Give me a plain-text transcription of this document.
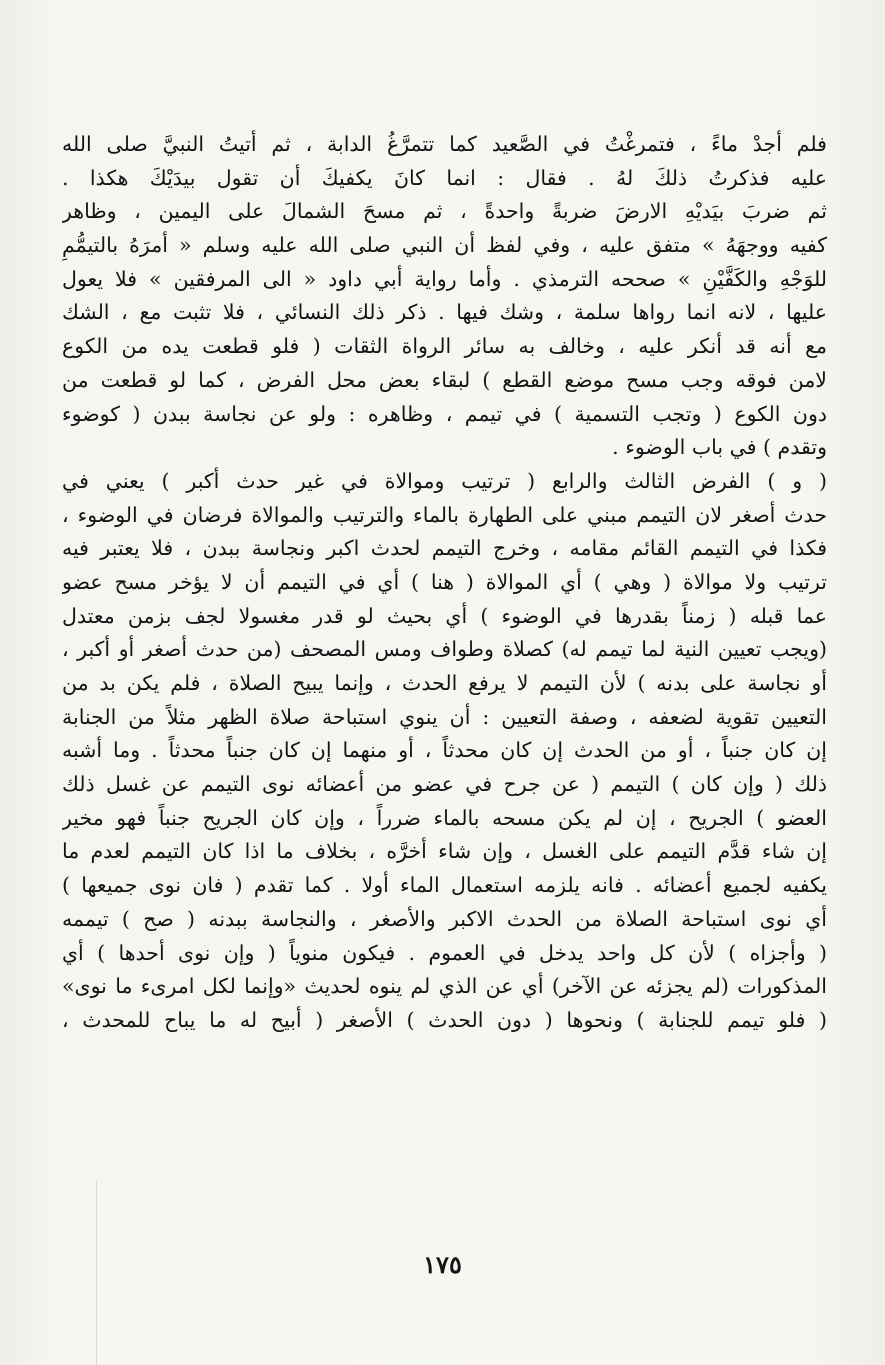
فلم أجدْ ماءً ، فتمرغْتُ في الصَّعيد كما تتمرَّغُ الدابة ، ثم أتيتُ النبيَّ صلى الله
عليه فذكرتُ ذلكَ لهُ . فقال : انما كانَ يكفيكَ أن تقول بيدَيْكَ هكذا .
ثم ضربَ بيَديْهِ الارضَ ضربةً واحدةً ، ثم مسحَ الشمالَ على اليمين ، وظاهر
كفيه ووجهَهُ » متفق عليه ، وفي لفظ أن النبي صلى الله عليه وسلم « أمرَهُ بالتيمُّمِ
للوَجْهِ والكَفَّيْنِ » صححه الترمذي . وأما رواية أبي داود « الى المرفقين » فلا يعول
عليها ، لانه انما رواها سلمة ، وشك فيها . ذكر ذلك النسائي ، فلا تثبت مع ، الشك
مع أنه قد أنكر عليه ، وخالف به سائر الرواة الثقات ( فلو قطعت يده من الكوع
لامن فوقه وجب مسح موضع القطع ) لبقاء بعض محل الفرض ، كما لو قطعت من
دون الكوع ( وتجب التسمية ) في تيمم ، وظاهره : ولو عن نجاسة ببدن ( كوضوء
وتقدم ) في باب الوضوء .
( و ) الفرض الثالث والرابع ( ترتيب وموالاة في غير حدث أكبر ) يعني في
حدث أصغر لان التيمم مبني على الطهارة بالماء والترتيب والموالاة فرضان في الوضوء ،
فكذا في التيمم القائم مقامه ، وخرج التيمم لحدث اكبر ونجاسة ببدن ، فلا يعتبر فيه
ترتيب ولا موالاة ( وهي ) أي الموالاة ( هنا ) أي في التيمم أن لا يؤخر مسح عضو
عما قبله ( زمناً بقدرها في الوضوء ) أي بحيث لو قدر مغسولا لجف بزمن معتدل
(ويجب تعيين النية لما تيمم له) كصلاة وطواف ومس المصحف (من حدث أصغر أو أكبر ،
أو نجاسة على بدنه ) لأن التيمم لا يرفع الحدث ، وإنما يبيح الصلاة ، فلم يكن بد من
التعيين تقوية لضعفه ، وصفة التعيين : أن ينوي استباحة صلاة الظهر مثلاً من الجنابة
إن كان جنباً ، أو من الحدث إن كان محدثاً ، أو منهما إن كان جنباً محدثاً . وما أشبه
ذلك ( وإن كان ) التيمم ( عن جرح في عضو من أعضائه نوى التيمم عن غسل ذلك
العضو ) الجريح ، إن لم يكن مسحه بالماء ضرراً ، وإن كان الجريح جنباً فهو مخير
إن شاء قدَّم التيمم على الغسل ، وإن شاء أخرَّه ، بخلاف ما اذا كان التيمم لعدم ما
يكفيه لجميع أعضائه . فانه يلزمه استعمال الماء أولا . كما تقدم ( فان نوى جميعها )
أي نوى استباحة الصلاة من الحدث الاكبر والأصغر ، والنجاسة ببدنه ( صح ) تيممه
( وأجزاه ) لأن كل واحد يدخل في العموم . فيكون منوياً ( وإن نوى أحدها ) أي
المذكورات (لم يجزئه عن الآخر) أي عن الذي لم ينوه لحديث «وإنما لكل امرىء ما نوى»
( فلو تيمم للجنابة ) ونحوها ( دون الحدث ) الأصغر ( أبيح له ما يباح للمحدث ،
١٧٥
